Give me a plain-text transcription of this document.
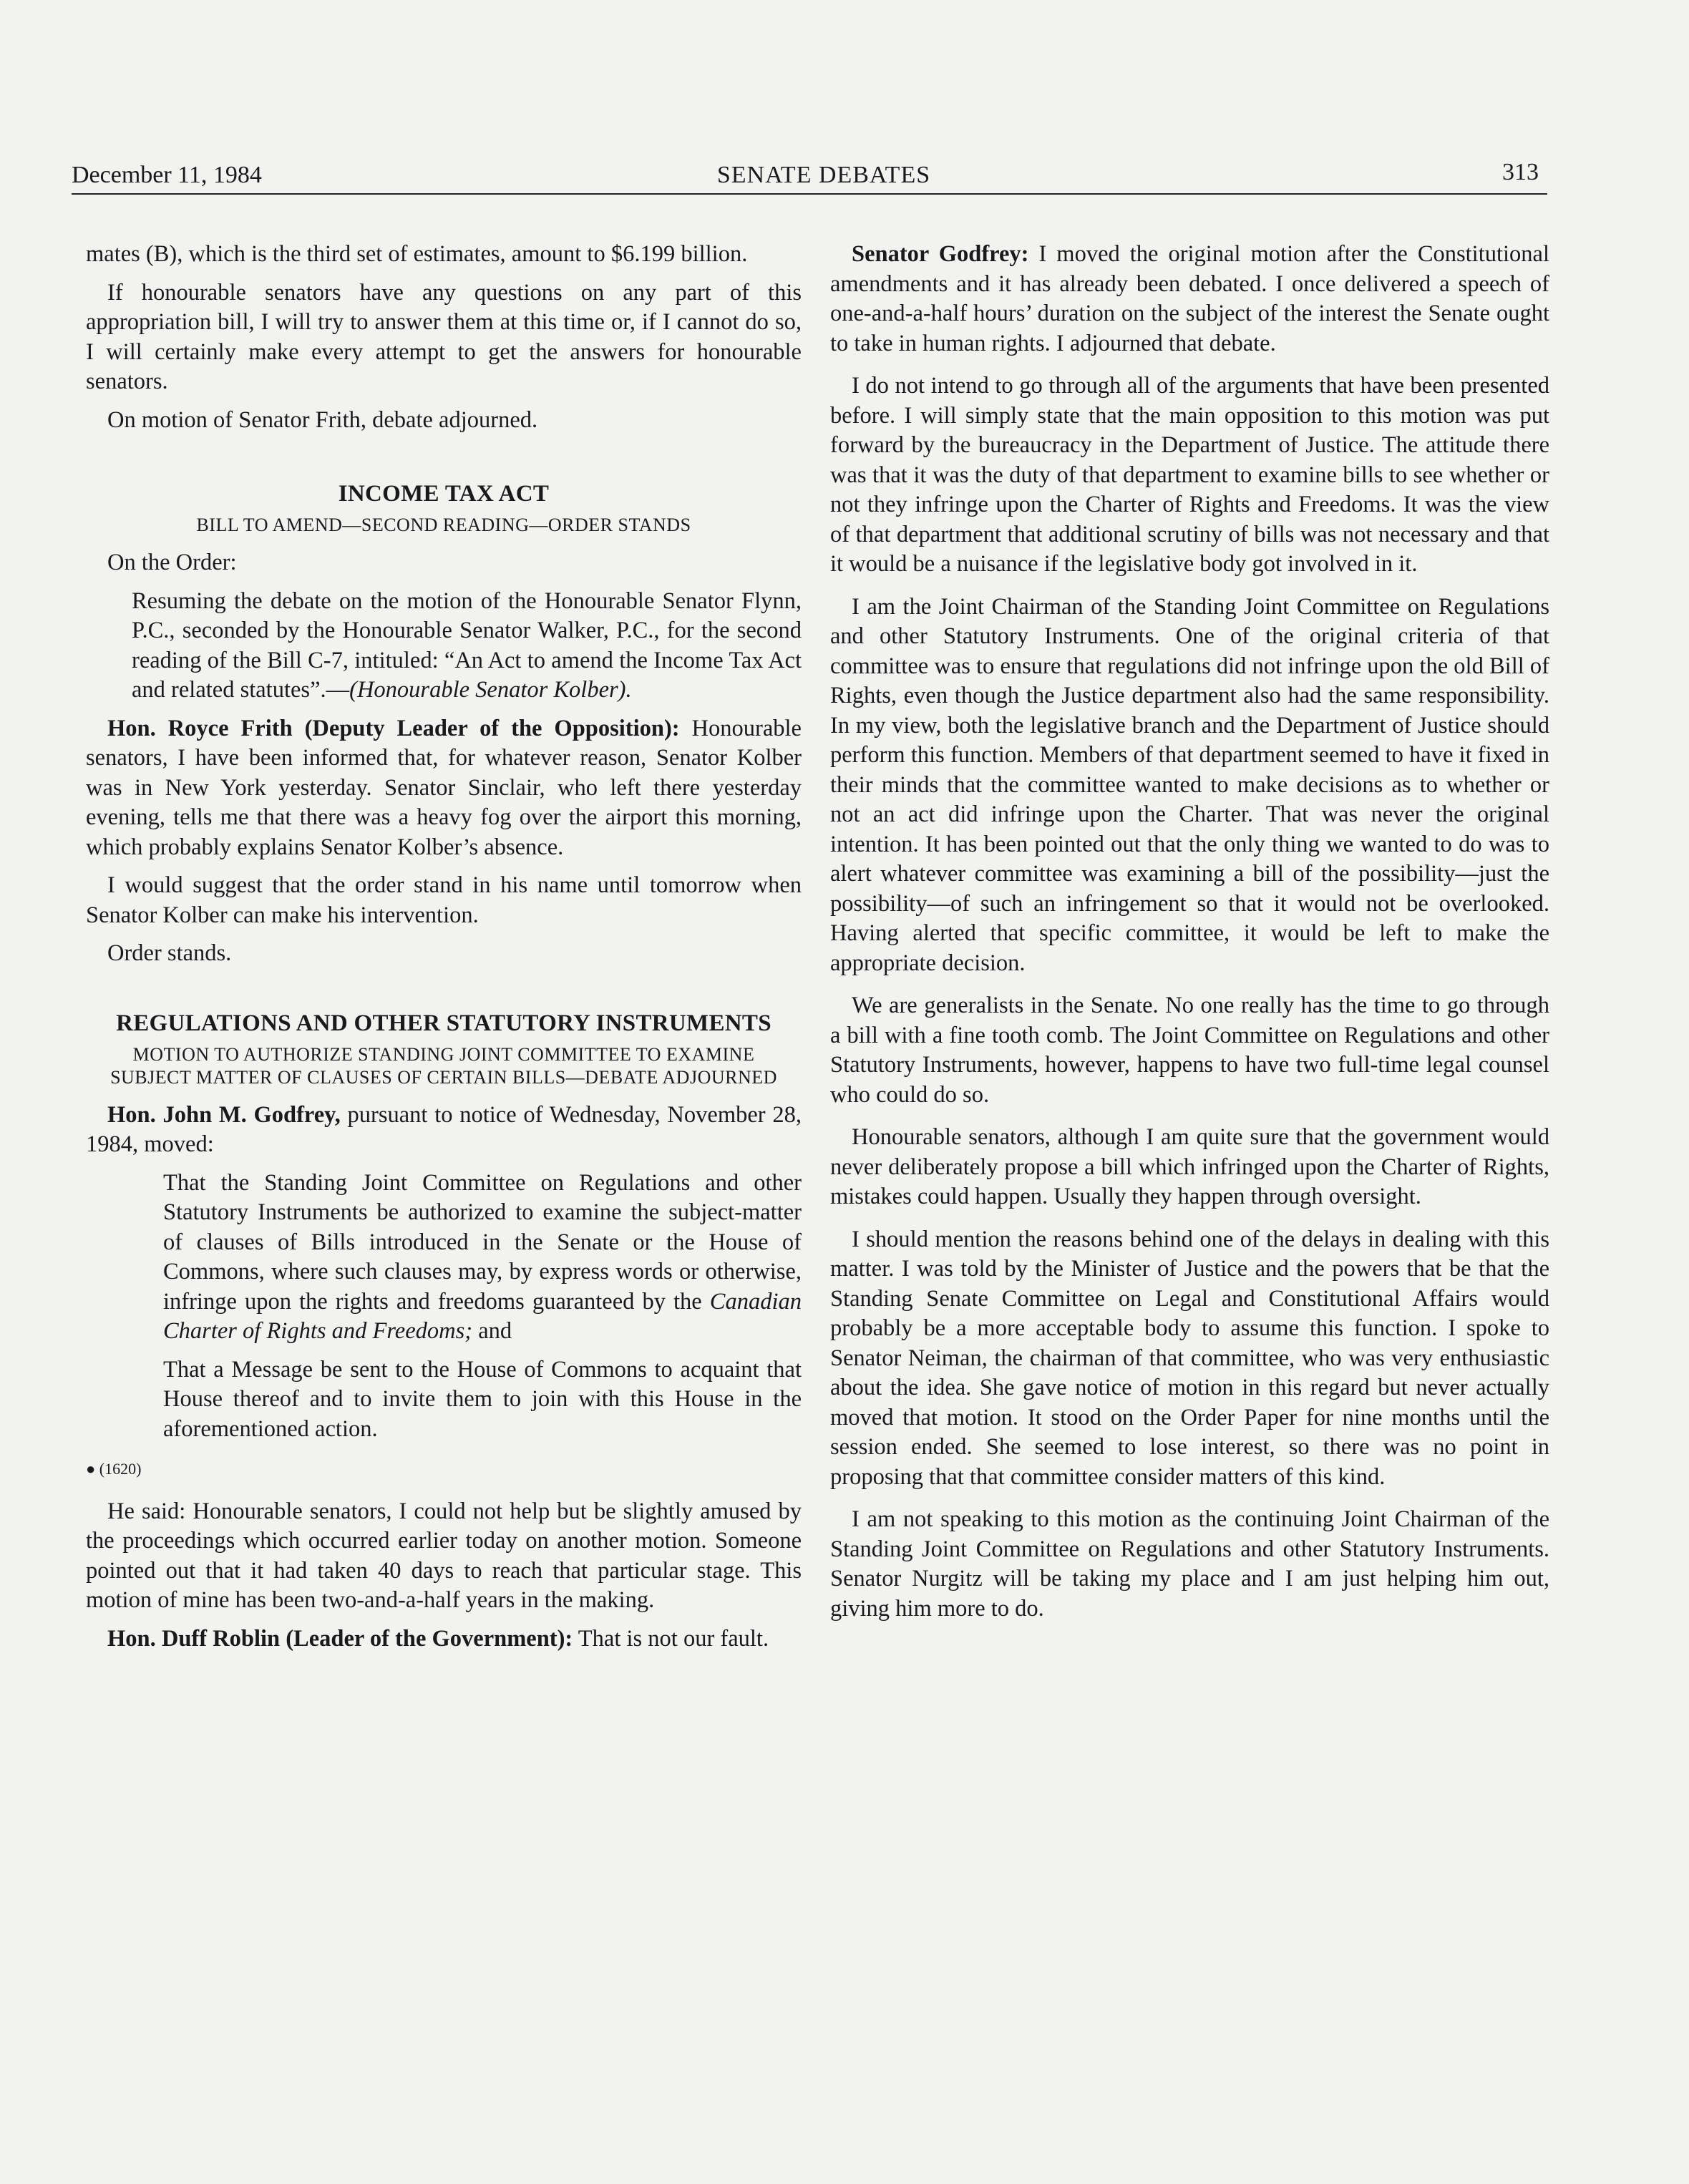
December 11, 1984	SENATE DEBATES	313

mates (B), which is the third set of estimates, amount to $6.199 billion.

If honourable senators have any questions on any part of this appropriation bill, I will try to answer them at this time or, if I cannot do so, I will certainly make every attempt to get the answers for honourable senators.

On motion of Senator Frith, debate adjourned.

INCOME TAX ACT
BILL TO AMEND—SECOND READING—ORDER STANDS

On the Order:

Resuming the debate on the motion of the Honourable Senator Flynn, P.C., seconded by the Honourable Senator Walker, P.C., for the second reading of the Bill C-7, intituled: “An Act to amend the Income Tax Act and related statutes”.—(Honourable Senator Kolber).

Hon. Royce Frith (Deputy Leader of the Opposition): Honourable senators, I have been informed that, for whatever reason, Senator Kolber was in New York yesterday. Senator Sinclair, who left there yesterday evening, tells me that there was a heavy fog over the airport this morning, which probably explains Senator Kolber’s absence.

I would suggest that the order stand in his name until tomorrow when Senator Kolber can make his intervention.

Order stands.

REGULATIONS AND OTHER STATUTORY INSTRUMENTS
MOTION TO AUTHORIZE STANDING JOINT COMMITTEE TO EXAMINE SUBJECT MATTER OF CLAUSES OF CERTAIN BILLS—DEBATE ADJOURNED

Hon. John M. Godfrey, pursuant to notice of Wednesday, November 28, 1984, moved:

That the Standing Joint Committee on Regulations and other Statutory Instruments be authorized to examine the subject-matter of clauses of Bills introduced in the Senate or the House of Commons, where such clauses may, by express words or otherwise, infringe upon the rights and freedoms guaranteed by the Canadian Charter of Rights and Freedoms; and

That a Message be sent to the House of Commons to acquaint that House thereof and to invite them to join with this House in the aforementioned action.

● (1620)

He said: Honourable senators, I could not help but be slightly amused by the proceedings which occurred earlier today on another motion. Someone pointed out that it had taken 40 days to reach that particular stage. This motion of mine has been two-and-a-half years in the making.

Hon. Duff Roblin (Leader of the Government): That is not our fault.

Senator Godfrey: I moved the original motion after the Constitutional amendments and it has already been debated. I once delivered a speech of one-and-a-half hours’ duration on the subject of the interest the Senate ought to take in human rights. I adjourned that debate.

I do not intend to go through all of the arguments that have been presented before. I will simply state that the main opposition to this motion was put forward by the bureaucracy in the Department of Justice. The attitude there was that it was the duty of that department to examine bills to see whether or not they infringe upon the Charter of Rights and Freedoms. It was the view of that department that additional scrutiny of bills was not necessary and that it would be a nuisance if the legislative body got involved in it.

I am the Joint Chairman of the Standing Joint Committee on Regulations and other Statutory Instruments. One of the original criteria of that committee was to ensure that regulations did not infringe upon the old Bill of Rights, even though the Justice department also had the same responsibility. In my view, both the legislative branch and the Department of Justice should perform this function. Members of that department seemed to have it fixed in their minds that the committee wanted to make decisions as to whether or not an act did infringe upon the Charter. That was never the original intention. It has been pointed out that the only thing we wanted to do was to alert whatever committee was examining a bill of the possibility—just the possibility—of such an infringement so that it would not be overlooked. Having alerted that specific committee, it would be left to make the appropriate decision.

We are generalists in the Senate. No one really has the time to go through a bill with a fine tooth comb. The Joint Committee on Regulations and other Statutory Instruments, however, happens to have two full-time legal counsel who could do so.

Honourable senators, although I am quite sure that the government would never deliberately propose a bill which infringed upon the Charter of Rights, mistakes could happen. Usually they happen through oversight.

I should mention the reasons behind one of the delays in dealing with this matter. I was told by the Minister of Justice and the powers that be that the Standing Senate Committee on Legal and Constitutional Affairs would probably be a more acceptable body to assume this function. I spoke to Senator Neiman, the chairman of that committee, who was very enthusiastic about the idea. She gave notice of motion in this regard but never actually moved that motion. It stood on the Order Paper for nine months until the session ended. She seemed to lose interest, so there was no point in proposing that that committee consider matters of this kind.

I am not speaking to this motion as the continuing Joint Chairman of the Standing Joint Committee on Regulations and other Statutory Instruments. Senator Nurgitz will be taking my place and I am just helping him out, giving him more to do.
